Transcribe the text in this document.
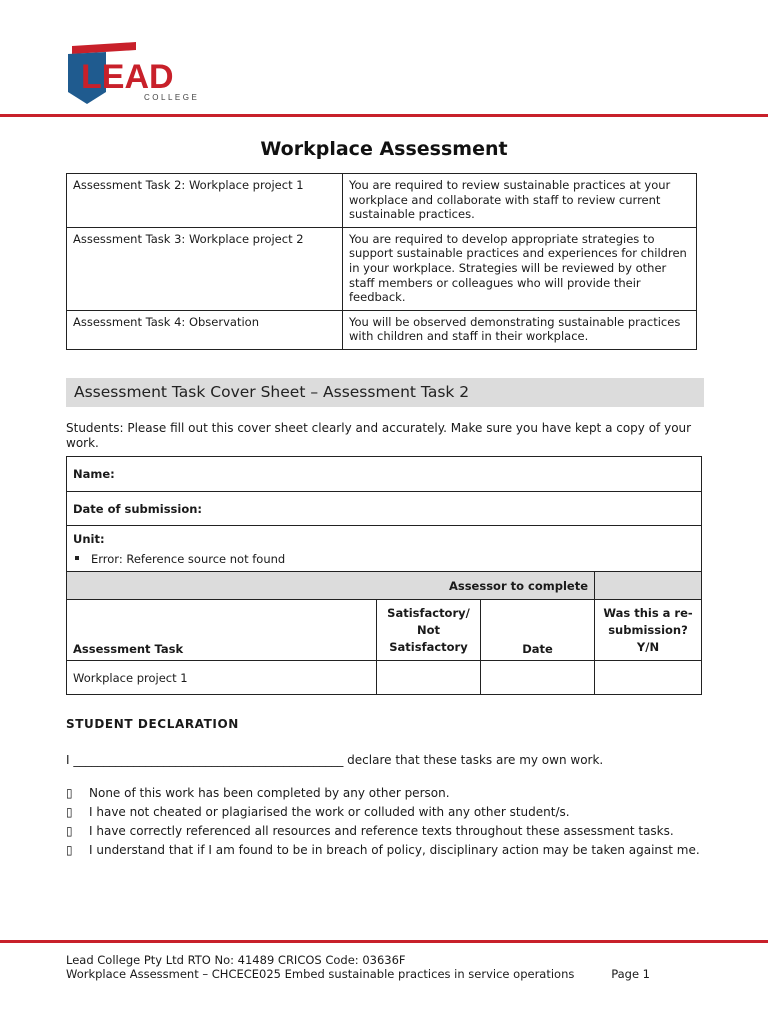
LEAD
COLLEGE
Workplace Assessment
Assessment Task 2: Workplace project 1	You are required to review sustainable practices at your workplace and collaborate with staff to review current sustainable practices.
Assessment Task 3: Workplace project 2	You are required to develop appropriate strategies to support sustainable practices and experiences for children in your workplace. Strategies will be reviewed by other staff members or colleagues who will provide their feedback.
Assessment Task 4: Observation	You will be observed demonstrating sustainable practices with children and staff in their workplace.
Assessment Task Cover Sheet – Assessment Task 2
Students: Please fill out this cover sheet clearly and accurately. Make sure you have kept a copy of your work.
Name:			
Date of submission:			

Unit:
Error: Reference source not found			

Assessor to complete			
Assessment Task	Satisfactory/ Not Satisfactory	Date	Was this a re-submission? Y/N
Workplace project 1			
STUDENT DECLARATION
I _____________________________________________ declare that these tasks are my own work.
▯ None of this work has been completed by any other person.
▯ I have not cheated or plagiarised the work or colluded with any other student/s.
▯ I have correctly referenced all resources and reference texts throughout these assessment tasks.
▯ I understand that if I am found to be in breach of policy, disciplinary action may be taken against me.
Lead College Pty Ltd RTO No: 41489 CRICOS Code: 03636F
Workplace Assessment – CHCECE025 Embed sustainable practices in service operations	Page 1
